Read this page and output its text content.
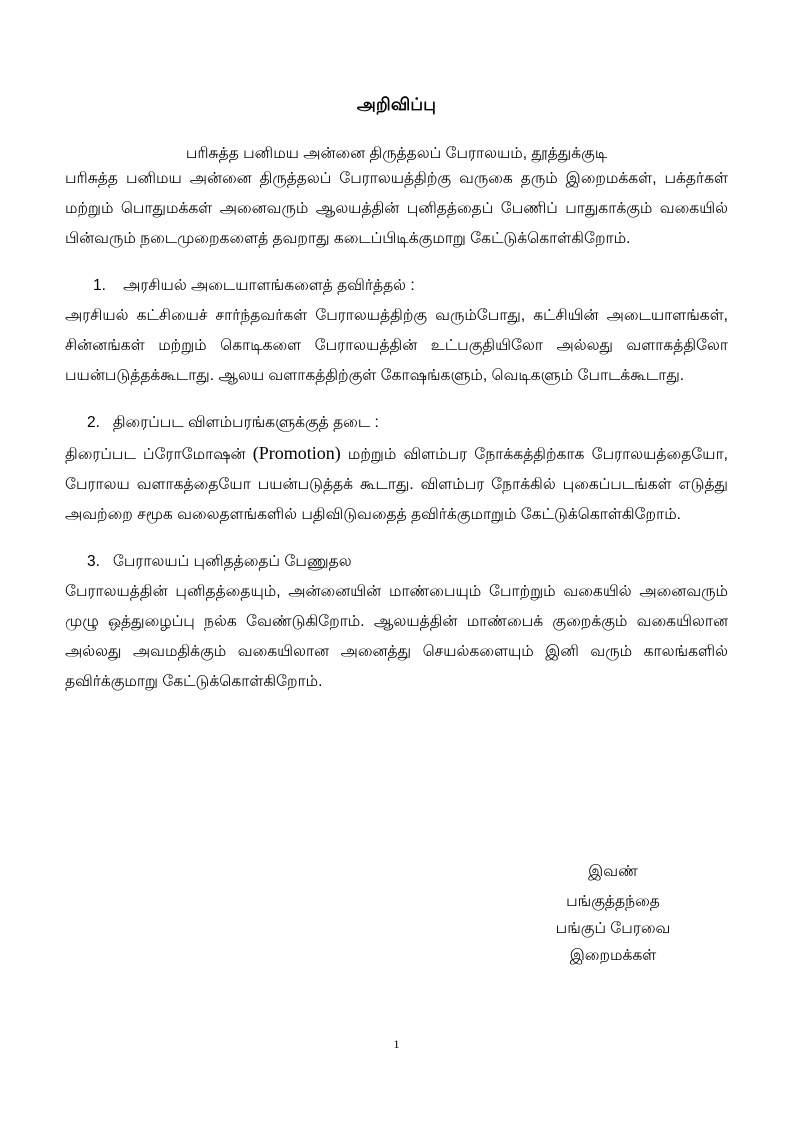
அறிவிப்பு
பரிசுத்த பனிமய அன்னை திருத்தலப் பேராலயம், தூத்துக்குடி

பரிசுத்த பனிமய அன்னை திருத்தலப் பேராலயத்திற்கு வருகை தரும் இறைமக்கள், பக்தர்கள் மற்றும் பொதுமக்கள் அனைவரும் ஆலயத்தின் புனிதத்தைப் பேணிப் பாதுகாக்கும் வகையில் பின்வரும் நடைமுறைகளைத் தவறாது கடைப்பிடிக்குமாறு கேட்டுக்கொள்கிறோம்.

1. அரசியல் அடையாளங்களைத் தவிர்த்தல் :

அரசியல் கட்சியைச் சார்ந்தவர்கள் பேராலயத்திற்கு வரும்போது, கட்சியின் அடையாளங்கள், சின்னங்கள் மற்றும் கொடிகளை பேராலயத்தின் உட்பகுதியிலோ அல்லது வளாகத்திலோ பயன்படுத்தக்கூடாது. ஆலய வளாகத்திற்குள் கோஷங்களும், வெடிகளும் போடக்கூடாது.

2. திரைப்பட விளம்பரங்களுக்குத் தடை :

திரைப்பட ப்ரோமோஷன் (Promotion) மற்றும் விளம்பர நோக்கத்திற்காக பேராலயத்தையோ, பேராலய வளாகத்தையோ பயன்படுத்தக் கூடாது. விளம்பர நோக்கில் புகைப்படங்கள் எடுத்து அவற்றை சமூக வலைதளங்களில் பதிவிடுவதைத் தவிர்க்குமாறும் கேட்டுக்கொள்கிறோம்.

3. பேராலயப் புனிதத்தைப் பேணுதல

பேராலயத்தின் புனிதத்தையும், அன்னையின் மாண்பையும் போற்றும் வகையில் அனைவரும் முழு ஒத்துழைப்பு நல்க வேண்டுகிறோம். ஆலயத்தின் மாண்பைக் குறைக்கும் வகையிலான அல்லது அவமதிக்கும் வகையிலான அனைத்து செயல்களையும் இனி வரும் காலங்களில் தவிர்க்குமாறு கேட்டுக்கொள்கிறோம்.

இவண்
பங்குத்தந்தை
பங்குப் பேரவை
இறைமக்கள்
1
